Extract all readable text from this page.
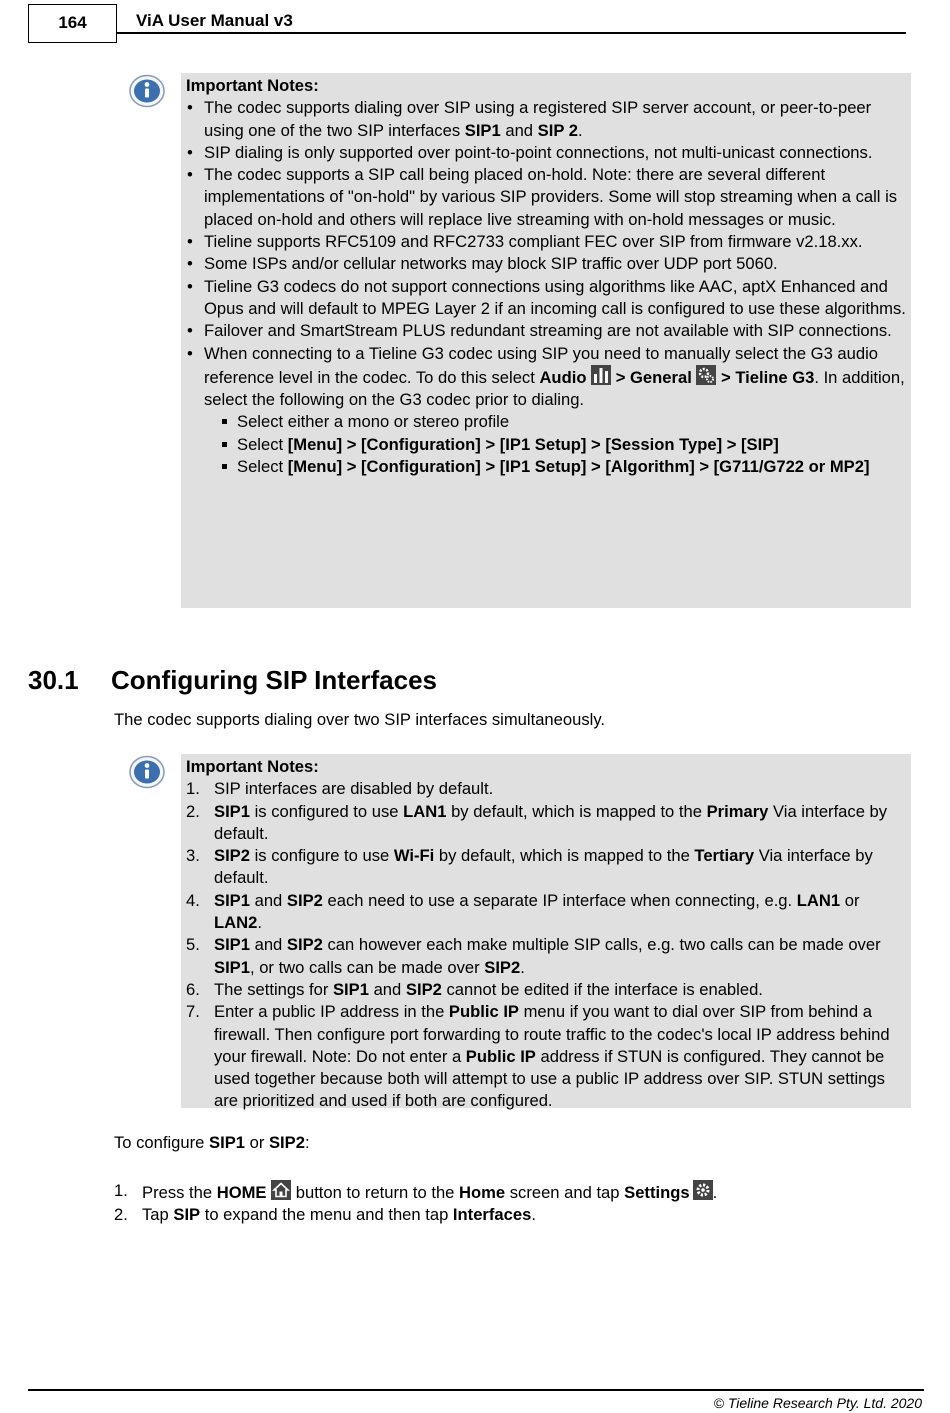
164	ViA User Manual v3
Important Notes:
• The codec supports dialing over SIP using a registered SIP server account, or peer-to-peer using one of the two SIP interfaces SIP1 and SIP 2.
• SIP dialing is only supported over point-to-point connections, not multi-unicast connections.
• The codec supports a SIP call being placed on-hold. Note: there are several different implementations of "on-hold" by various SIP providers. Some will stop streaming when a call is placed on-hold and others will replace live streaming with on-hold messages or music.
• Tieline supports RFC5109 and RFC2733 compliant FEC over SIP from firmware v2.18.xx.
• Some ISPs and/or cellular networks may block SIP traffic over UDP port 5060.
• Tieline G3 codecs do not support connections using algorithms like AAC, aptX Enhanced and Opus and will default to MPEG Layer 2 if an incoming call is configured to use these algorithms.
• Failover and SmartStream PLUS redundant streaming are not available with SIP connections.
• When connecting to a Tieline G3 codec using SIP you need to manually select the G3 audio reference level in the codec. To do this select Audio  > General  > Tieline G3. In addition, select the following on the G3 codec prior to dialing.
Select either a mono or stereo profile
Select [Menu] > [Configuration] > [IP1 Setup] > [Session Type] > [SIP]
Select [Menu] > [Configuration] > [IP1 Setup] > [Algorithm] > [G711/G722 or MP2]
30.1 Configuring SIP Interfaces
The codec supports dialing over two SIP interfaces simultaneously.
Important Notes:
1. SIP interfaces are disabled by default.
2. SIP1 is configured to use LAN1 by default, which is mapped to the Primary Via interface by default.
3. SIP2 is configure to use Wi-Fi by default, which is mapped to the Tertiary Via interface by default.
4. SIP1 and SIP2 each need to use a separate IP interface when connecting, e.g. LAN1 or LAN2.
5. SIP1 and SIP2 can however each make multiple SIP calls, e.g. two calls can be made over SIP1, or two calls can be made over SIP2.
6. The settings for SIP1 and SIP2 cannot be edited if the interface is enabled.
7. Enter a public IP address in the Public IP menu if you want to dial over SIP from behind a firewall. Then configure port forwarding to route traffic to the codec's local IP address behind your firewall. Note: Do not enter a Public IP address if STUN is configured. They cannot be used together because both will attempt to use a public IP address over SIP. STUN settings are prioritized and used if both are configured.
To configure SIP1 or SIP2:
1. Press the HOME  button to return to the Home screen and tap Settings .
2. Tap SIP to expand the menu and then tap Interfaces.
© Tieline Research Pty. Ltd. 2020
